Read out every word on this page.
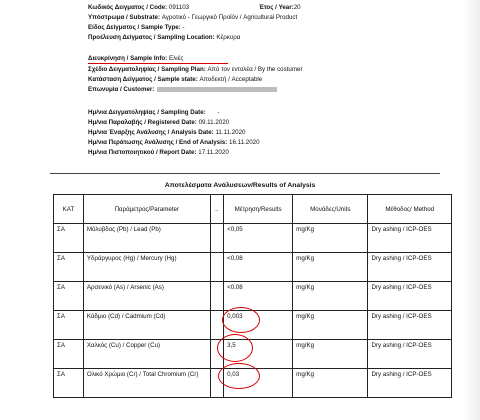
Κωδικός Δειγματος / Code: 091103	Έτος / Year:20
Υπόστρωμα / Substrate: Αγροτικό - Γεωργικό Προϊόν / Agricultural Product
Είδος Δείγματος / Sample Type: -
Προέλευση Δείγματος / Sampling Location: Κέρκυρα
Διευκρίνηση / Sample Info: Ελιές
Σχέδιο Δειγματοληψίας / Sampling Plan: Από τον εντολέα / By the costumer
Κατάσταση Δείγματος / Sample state: Αποδεκτή / Acceptable
Επωνυμία / Customer:
Ημ/νια Δειγματοληψίας / Sampling Date: -
Ημ/νια Παραλαβής / Registered Date: 09.11.2020
Ημ/νια Έναρξης Ανάλυσης / Analysis Date: 11.11.2020
Ημ/νια Περάτωσης Ανάλυσης / End of Analysis: 16.11.2020
Ημ/νια Πιστοποιητικού / Report Date: 17.11.2020
Αποτελέσματα Ανάλυσεων/Results of Analysis
KAT	Παράμετρος/Parameter	..	Μέτρηση/Results	Μονάδες/Units	Μέθοδος/ Method
ΣΑ	Μόλυβδος (Pb) / Lead (Pb)		<0,05	mg/Kg	Dry ashing / ICP-OES
ΣΑ	Υδράργυρος (Hg) / Mercury (Hg)		<0,08	mg/Kg	Dry ashing / ICP-OES
ΣΑ	Αρσενικό (As) / Arsenic (As)		<0,08	mg/Kg	Dry ashing / ICP-OES
ΣΑ	Κάδμιο (Cd) / Cadmium (Cd)		0,003	mg/Kg	Dry ashing / ICP-OES
ΣΑ	Χαλκός (Cu) / Copper (Cu)		3,5	mg/Kg	Dry ashing / ICP-OES
ΣΑ	Ολικό Χρώμιο (Cr) / Total Chromium (Cr)		0,03	mg/Kg	Dry ashing / ICP-OES
